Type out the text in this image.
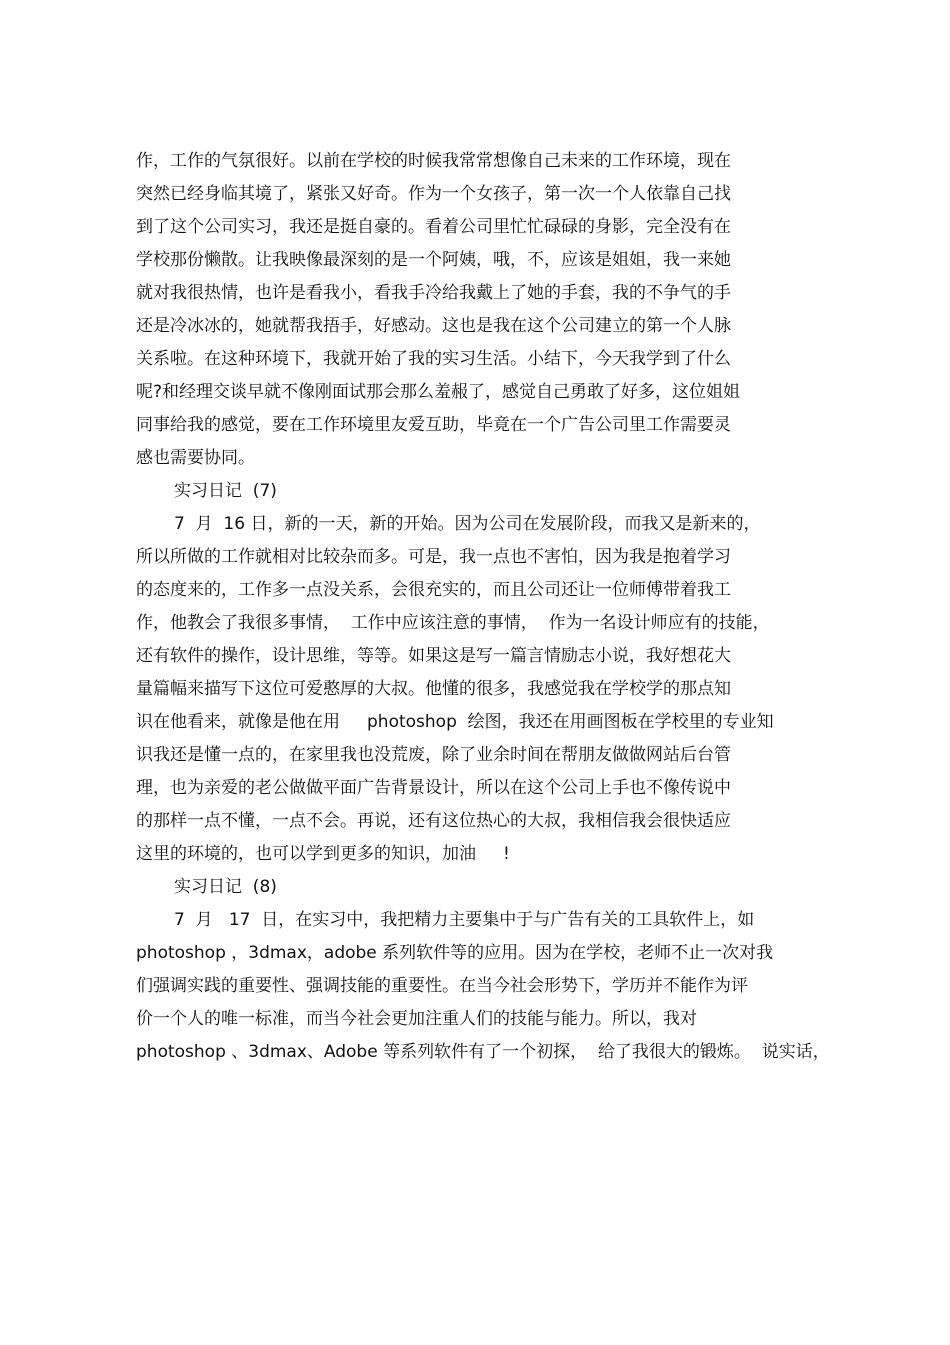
作，工作的气氛很好。以前在学校的时候我常常想像自己未来的工作环境，现在
突然已经身临其境了，紧张又好奇。作为一个女孩子，第一次一个人依靠自己找
到了这个公司实习，我还是挺自豪的。看着公司里忙忙碌碌的身影，完全没有在
学校那份懒散。让我映像最深刻的是一个阿姨，哦，不，应该是姐姐，我一来她
就对我很热情，也许是看我小，看我手冷给我戴上了她的手套，我的不争气的手
还是冷冰冰的，她就帮我捂手，好感动。这也是我在这个公司建立的第一个人脉
关系啦。在这种环境下，我就开始了我的实习生活。小结下，今天我学到了什么
呢?和经理交谈早就不像刚面试那会那么羞赧了，感觉自己勇敢了好多，这位姐姐
同事给我的感觉，要在工作环境里友爱互助，毕竟在一个广告公司里工作需要灵
感也需要协同。
实习日记  (7)
7  月  16 日，新的一天，新的开始。因为公司在发展阶段，而我又是新来的，
所以所做的工作就相对比较杂而多。可是，我一点也不害怕，因为我是抱着学习
的态度来的，工作多一点没关系，会很充实的，而且公司还让一位师傅带着我工
作，他教会了我很多事情，  工作中应该注意的事情，  作为一名设计师应有的技能，
还有软件的操作，设计思维，等等。如果这是写一篇言情励志小说，我好想花大
量篇幅来描写下这位可爱憨厚的大叔。他懂的很多，我感觉我在学校学的那点知
识在他看来，就像是他在用     photoshop  绘图，我还在用画图板在学校里的专业知
识我还是懂一点的，在家里我也没荒废，除了业余时间在帮朋友做做网站后台管
理，也为亲爱的老公做做平面广告背景设计，所以在这个公司上手也不像传说中
的那样一点不懂，一点不会。再说，还有这位热心的大叔，我相信我会很快适应
这里的环境的，也可以学到更多的知识，加油     !
实习日记  (8)
7  月   17  日，在实习中，我把精力主要集中于与广告有关的工具软件上，如
photoshop ，3dmax，adobe 系列软件等的应用。因为在学校，老师不止一次对我
们强调实践的重要性、强调技能的重要性。在当今社会形势下，学历并不能作为评
价一个人的唯一标准，而当今社会更加注重人们的技能与能力。所以，我对
photoshop 、3dmax、Adobe 等系列软件有了一个初探，  给了我很大的锻炼。  说实话，
